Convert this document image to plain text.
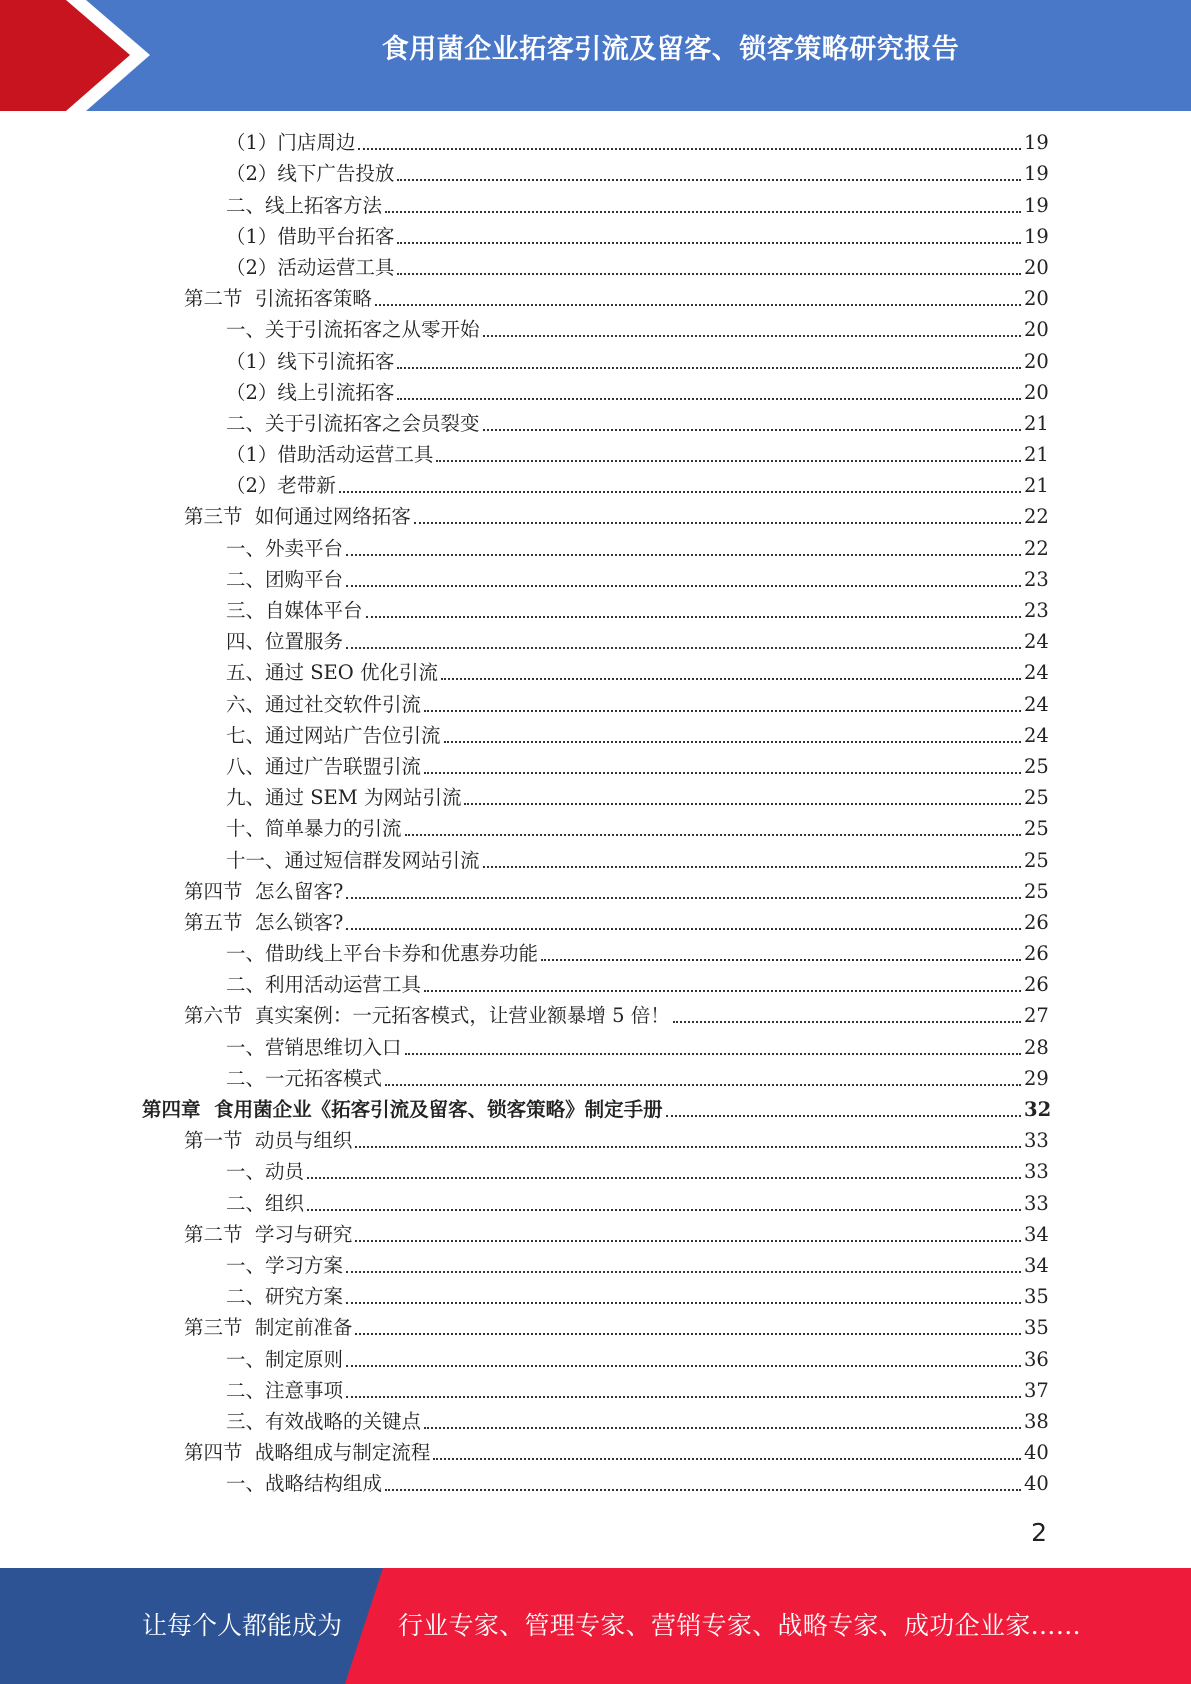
食用菌企业拓客引流及留客、锁客策略研究报告
（1）门店周边	19
（2）线下广告投放	19
二、线上拓客方法	19
（1）借助平台拓客	19
（2）活动运营工具	20
第二节  引流拓客策略	20
一、关于引流拓客之从零开始	20
（1）线下引流拓客	20
（2）线上引流拓客	20
二、关于引流拓客之会员裂变	21
（1）借助活动运营工具	21
（2）老带新	21
第三节  如何通过网络拓客	22
一、外卖平台	22
二、团购平台	23
三、自媒体平台	23
四、位置服务	24
五、通过 SEO 优化引流	24
六、通过社交软件引流	24
七、通过网站广告位引流	24
八、通过广告联盟引流	25
九、通过 SEM 为网站引流	25
十、简单暴力的引流	25
十一、通过短信群发网站引流	25
第四节  怎么留客?	25
第五节  怎么锁客?	26
一、借助线上平台卡券和优惠券功能	26
二、利用活动运营工具	26
第六节  真实案例：一元拓客模式，让营业额暴增 5 倍！	27
一、营销思维切入口	28
二、一元拓客模式	29
第四章  食用菌企业《拓客引流及留客、锁客策略》制定手册	32
第一节  动员与组织	33
一、动员	33
二、组织	33
第二节  学习与研究	34
一、学习方案	34
二、研究方案	35
第三节  制定前准备	35
一、制定原则	36
二、注意事项	37
三、有效战略的关键点	38
第四节  战略组成与制定流程	40
一、战略结构组成	40
2
让每个人都能成为 行业专家、管理专家、营销专家、战略专家、成功企业家……
